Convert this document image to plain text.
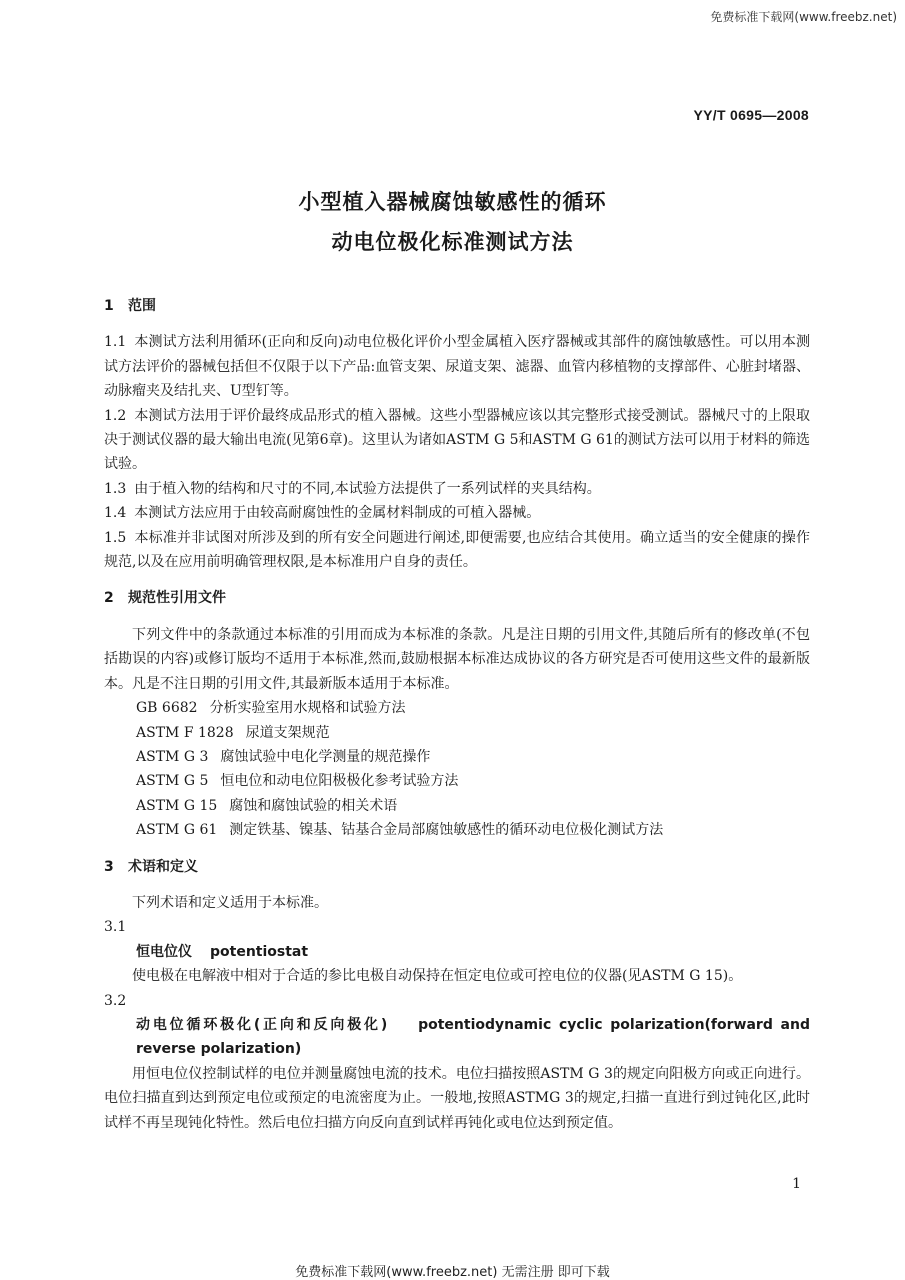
免费标准下载网(www.freebz.net)
YY/T 0695—2008
小型植入器械腐蚀敏感性的循环
动电位极化标准测试方法
1 范围

1.1 本测试方法利用循环(正向和反向)动电位极化评价小型金属植入医疗器械或其部件的腐蚀敏感性。可以用本测试方法评价的器械包括但不仅限于以下产品:血管支架、尿道支架、滤器、血管内移植物的支撑部件、心脏封堵器、动脉瘤夹及结扎夹、U型钉等。

1.2 本测试方法用于评价最终成品形式的植入器械。这些小型器械应该以其完整形式接受测试。器械尺寸的上限取决于测试仪器的最大输出电流(见第6章)。这里认为诸如ASTM G 5和ASTM G 61的测试方法可以用于材料的筛选试验。

1.3 由于植入物的结构和尺寸的不同,本试验方法提供了一系列试样的夹具结构。

1.4 本测试方法应用于由较高耐腐蚀性的金属材料制成的可植入器械。

1.5 本标准并非试图对所涉及到的所有安全问题进行阐述,即便需要,也应结合其使用。确立适当的安全健康的操作规范,以及在应用前明确管理权限,是本标准用户自身的责任。

2 规范性引用文件

下列文件中的条款通过本标准的引用而成为本标准的条款。凡是注日期的引用文件,其随后所有的修改单(不包括勘误的内容)或修订版均不适用于本标准,然而,鼓励根据本标准达成协议的各方研究是否可使用这些文件的最新版本。凡是不注日期的引用文件,其最新版本适用于本标准。

GB 6682 分析实验室用水规格和试验方法
ASTM F 1828 尿道支架规范
ASTM G 3 腐蚀试验中电化学测量的规范操作
ASTM G 5 恒电位和动电位阳极极化参考试验方法
ASTM G 15 腐蚀和腐蚀试验的相关术语
ASTM G 61 测定铁基、镍基、钴基合金局部腐蚀敏感性的循环动电位极化测试方法
3 术语和定义

下列术语和定义适用于本标准。

3.1
恒电位仪 potentiostat

使电极在电解液中相对于合适的参比电极自动保持在恒定电位或可控电位的仪器(见ASTM G 15)。

3.2

动电位循环极化(正向和反向极化) potentiodynamic cyclic polarization(forward and reverse polarization)

用恒电位仪控制试样的电位并测量腐蚀电流的技术。电位扫描按照ASTM G 3的规定向阳极方向或正向进行。电位扫描直到达到预定电位或预定的电流密度为止。一般地,按照ASTMG 3的规定,扫描一直进行到过钝化区,此时试样不再呈现钝化特性。然后电位扫描方向反向直到试样再钝化或电位达到预定值。

1
免费标准下载网(www.freebz.net) 无需注册 即可下载
